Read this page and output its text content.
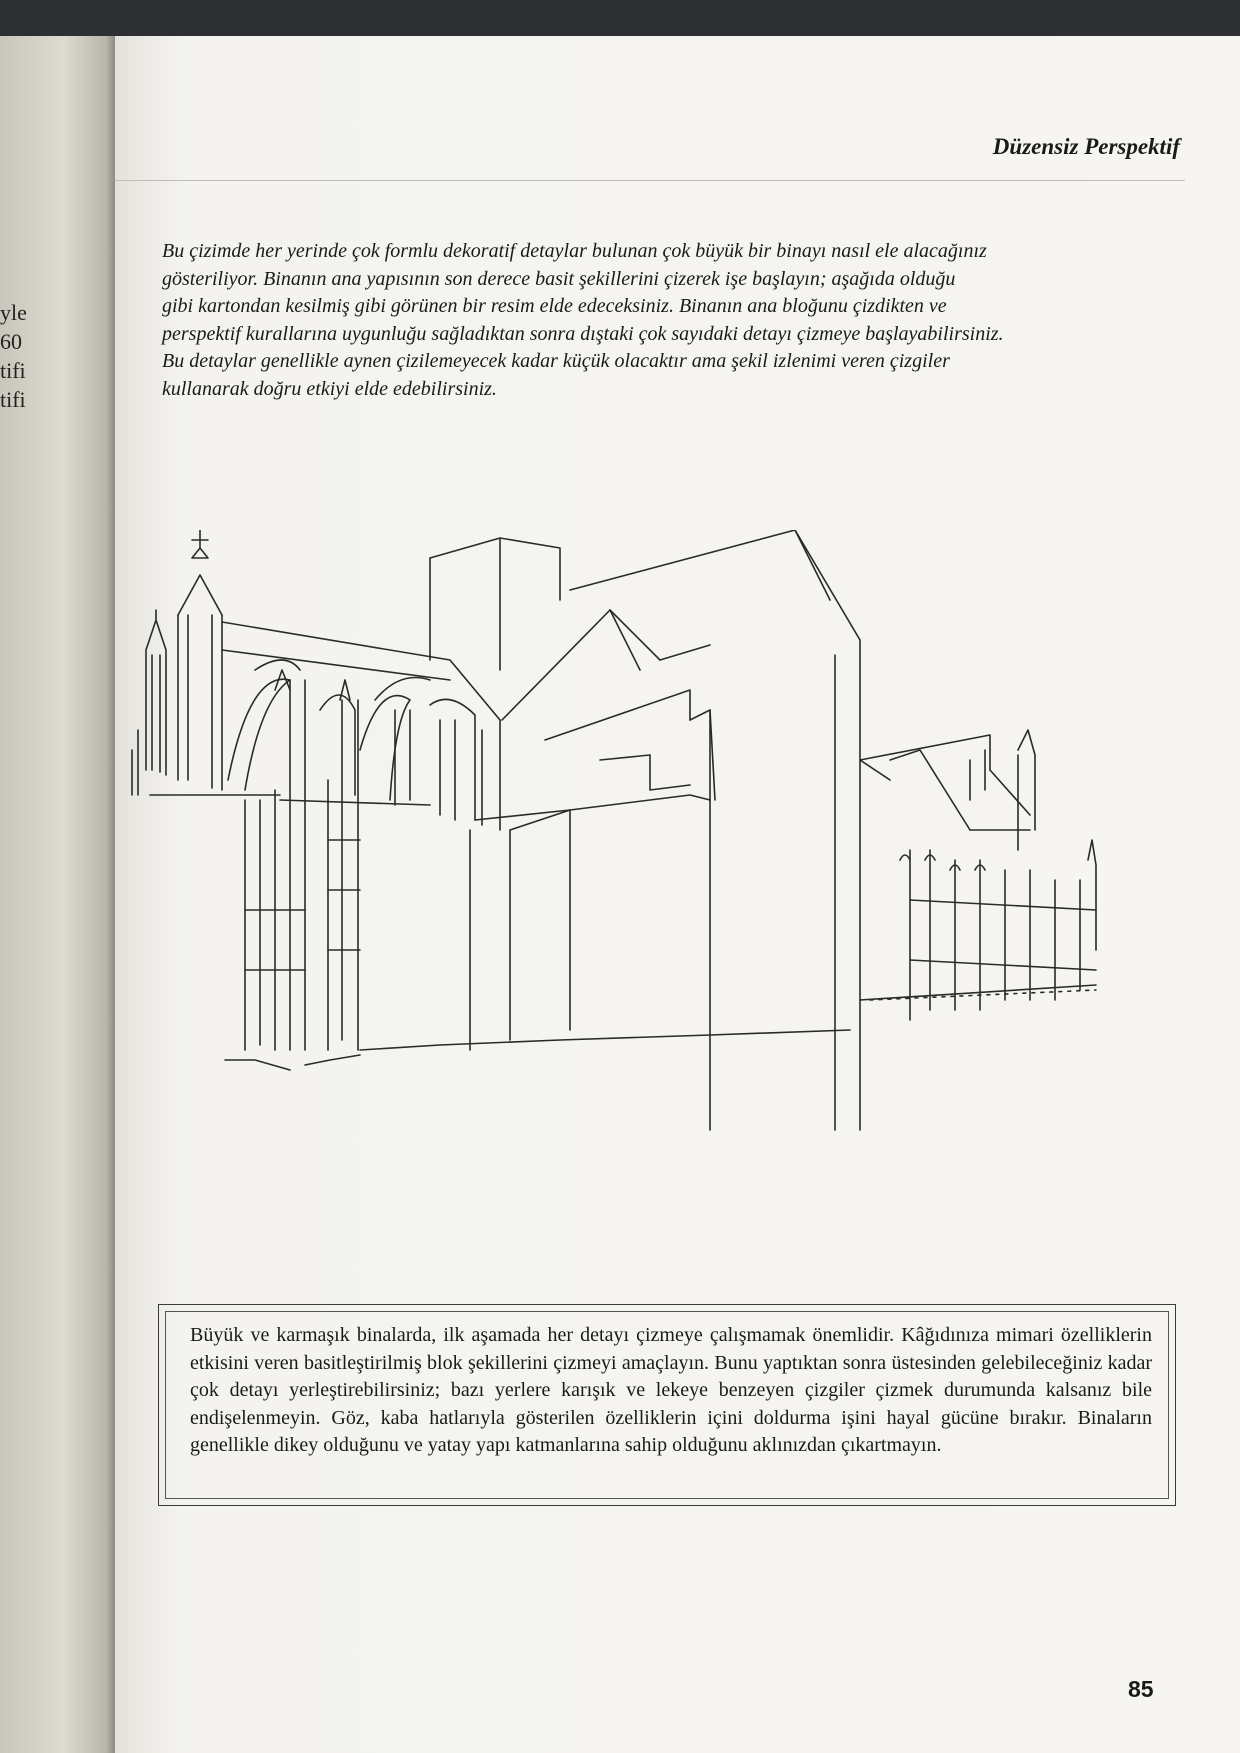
yle
60
tifi
tifi
Düzensiz Perspektif
Bu çizimde her yerinde çok formlu dekoratif detaylar bulunan çok büyük bir binayı nasıl ele alacağınız
gösteriliyor. Binanın ana yapısının son derece basit şekillerini çizerek işe başlayın; aşağıda olduğu
gibi kartondan kesilmiş gibi görünen bir resim elde edeceksiniz. Binanın ana bloğunu çizdikten ve
perspektif kurallarına uygunluğu sağladıktan sonra dıştaki çok sayıdaki detayı çizmeye başlayabilirsiniz.
Bu detaylar genellikle aynen çizilemeyecek kadar küçük olacaktır ama şekil izlenimi veren çizgiler
kullanarak doğru etkiyi elde edebilirsiniz.
Büyük ve karmaşık binalarda, ilk aşamada her detayı çizmeye çalışmamak önemlidir. Kâğıdınıza mimari özelliklerin etkisini veren basitleştirilmiş blok şekillerini çizmeyi amaçlayın. Bunu yaptıktan sonra üstesinden gelebileceğiniz kadar çok detayı yerleştirebilirsiniz; bazı yerlere karışık ve lekeye benzeyen çizgiler çizmek durumunda kalsanız bile endişelenmeyin. Göz, kaba hatlarıyla gösterilen özelliklerin içini doldurma işini hayal gücüne bırakır. Binaların genellikle dikey olduğunu ve yatay yapı katmanlarına sahip olduğunu aklınızdan çıkartmayın.
85
